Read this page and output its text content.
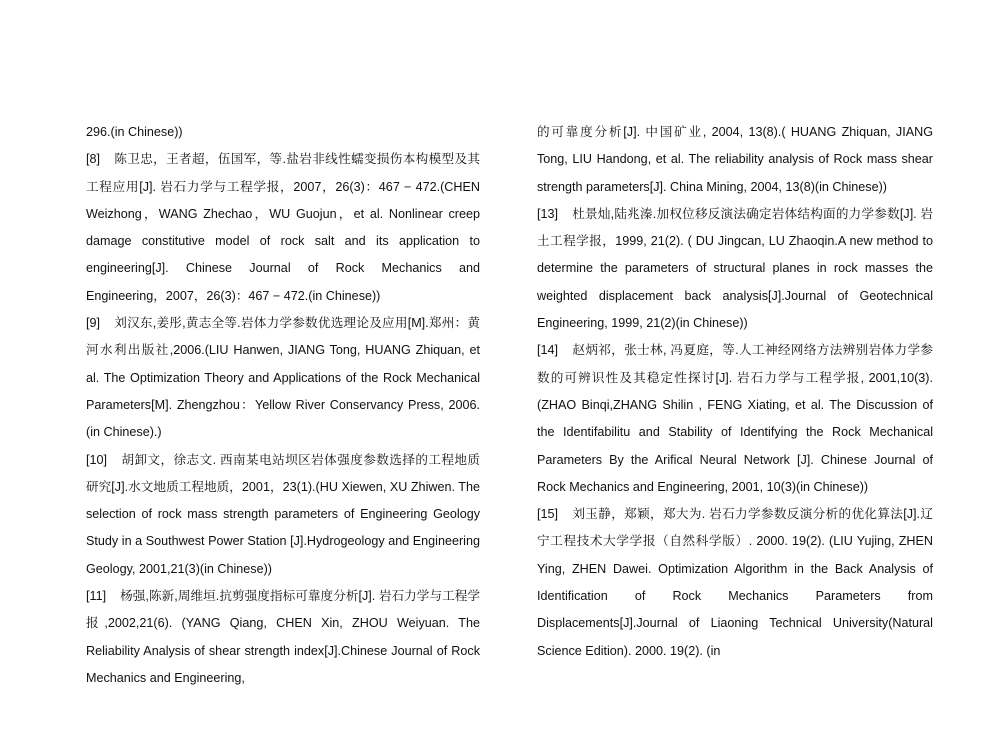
296.(in Chinese))

[8] 陈卫忠，王者超，伍国军，等.盐岩非线性蠕变损伤本构模型及其工程应用[J]. 岩石力学与工程学报，2007，26(3)：467 − 472.(CHEN Weizhong，WANG Zhechao，WU Guojun，et al. Nonlinear creep damage constitutive model of rock salt and its application to engineering[J]. Chinese Journal of Rock Mechanics and Engineering，2007，26(3)：467 − 472.(in Chinese))

[9] 刘汉东,姜彤,黄志全等.岩体力学参数优选理论及应用[M].郑州：黄河水利出版社,2006.(LIU Hanwen, JIANG Tong, HUANG Zhiquan, et al. The Optimization Theory and Applications of the Rock Mechanical Parameters[M]. Zhengzhou：Yellow River Conservancy Press, 2006.(in Chinese).)

[10] 胡卸文，徐志文. 西南某电站坝区岩体强度参数选择的工程地质研究[J].水文地质工程地质，2001，23(1).(HU Xiewen, XU Zhiwen. The selection of rock mass strength parameters of Engineering Geology Study in a Southwest Power Station [J].Hydrogeology and Engineering Geology, 2001,21(3)(in Chinese))

[11] 杨强,陈新,周维垣.抗剪强度指标可靠度分析[J]. 岩石力学与工程学报,2002,21(6). (YANG Qiang, CHEN Xin, ZHOU Weiyuan. The Reliability Analysis of shear strength index[J].Chinese Journal of Rock Mechanics and Engineering,

的可靠度分析[J]. 中国矿业, 2004, 13(8).( HUANG Zhiquan, JIANG Tong, LIU Handong, et al. The reliability analysis of Rock mass shear strength parameters[J]. China Mining, 2004, 13(8)(in Chinese))

[13] 杜景灿,陆兆溱.加权位移反演法确定岩体结构面的力学参数[J]. 岩土工程学报，1999, 21(2). ( DU Jingcan, LU Zhaoqin.A new method to determine the parameters of structural planes in rock masses the weighted displacement back analysis[J].Journal of Geotechnical Engineering, 1999, 21(2)(in Chinese))

[14] 赵炳祁，张士林, 冯夏庭，等.人工神经网络方法辨别岩体力学参数的可辨识性及其稳定性探讨[J]. 岩石力学与工程学报, 2001,10(3). (ZHAO Binqi,ZHANG Shilin , FENG Xiating, et al. The Discussion of the Identifabilitu and Stability of Identifying the Rock Mechanical Parameters By the Arifical Neural Network [J]. Chinese Journal of Rock Mechanics and Engineering, 2001, 10(3)(in Chinese))

[15] 刘玉静，郑颖，郑大为. 岩石力学参数反演分析的优化算法[J].辽宁工程技术大学学报（自然科学版）. 2000. 19(2). (LIU Yujing, ZHEN Ying, ZHEN Dawei. Optimization Algorithm in the Back Analysis of Identification of Rock Mechanics Parameters from Displacements[J].Journal of Liaoning Technical University(Natural Science Edition). 2000. 19(2). (in
